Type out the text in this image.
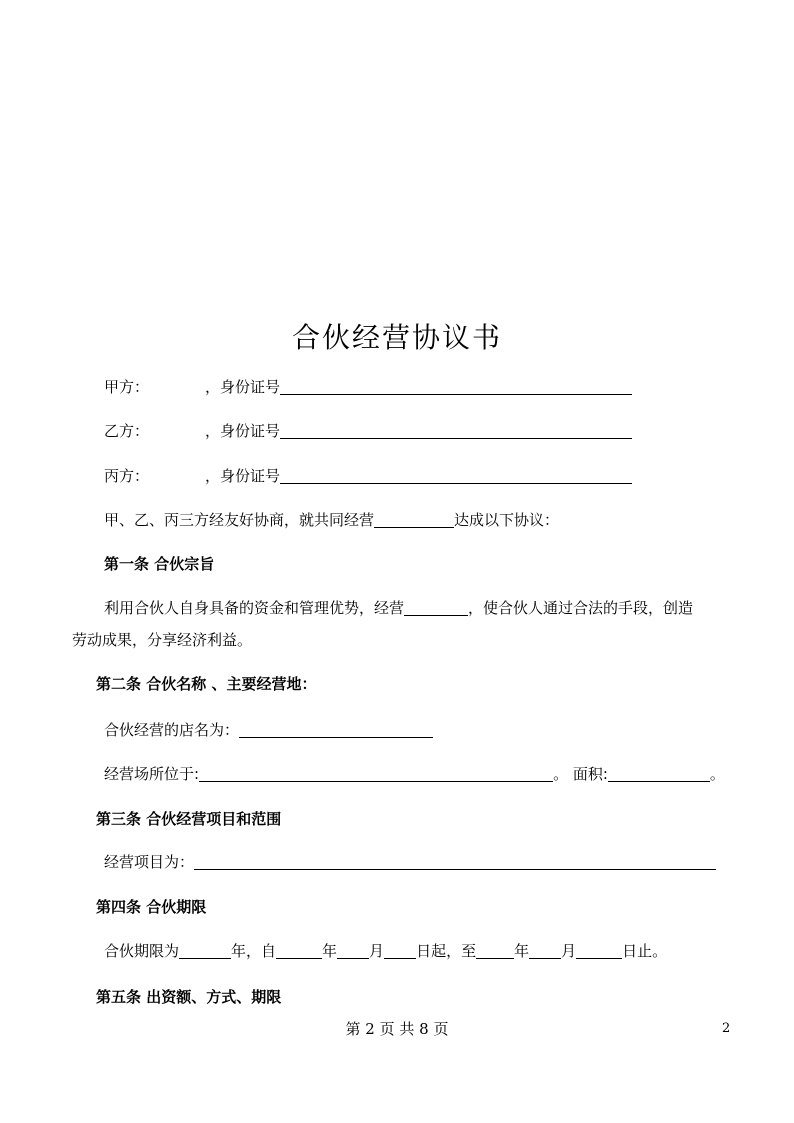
合伙经营协议书
甲方：	，身份证号
乙方：	，身份证号
丙方：	，身份证号
甲、乙、丙三方经友好协商，就共同经营	达成以下协议：
第一条 合伙宗旨
利用合伙人自身具备的资金和管理优势，经营	，使合伙人通过合法的手段，创造
劳动成果，分享经济利益。
第二条 合伙名称 、主要经营地：
合伙经营的店名为：
经营场所位于:	。 面积:	。
第三条 合伙经营项目和范围
经营项目为：
第四条 合伙期限
合伙期限为	年，自	年 月 日起，至	年 月	日止。
第五条 出资额、方式、期限
第 2 页 共 8 页	2
